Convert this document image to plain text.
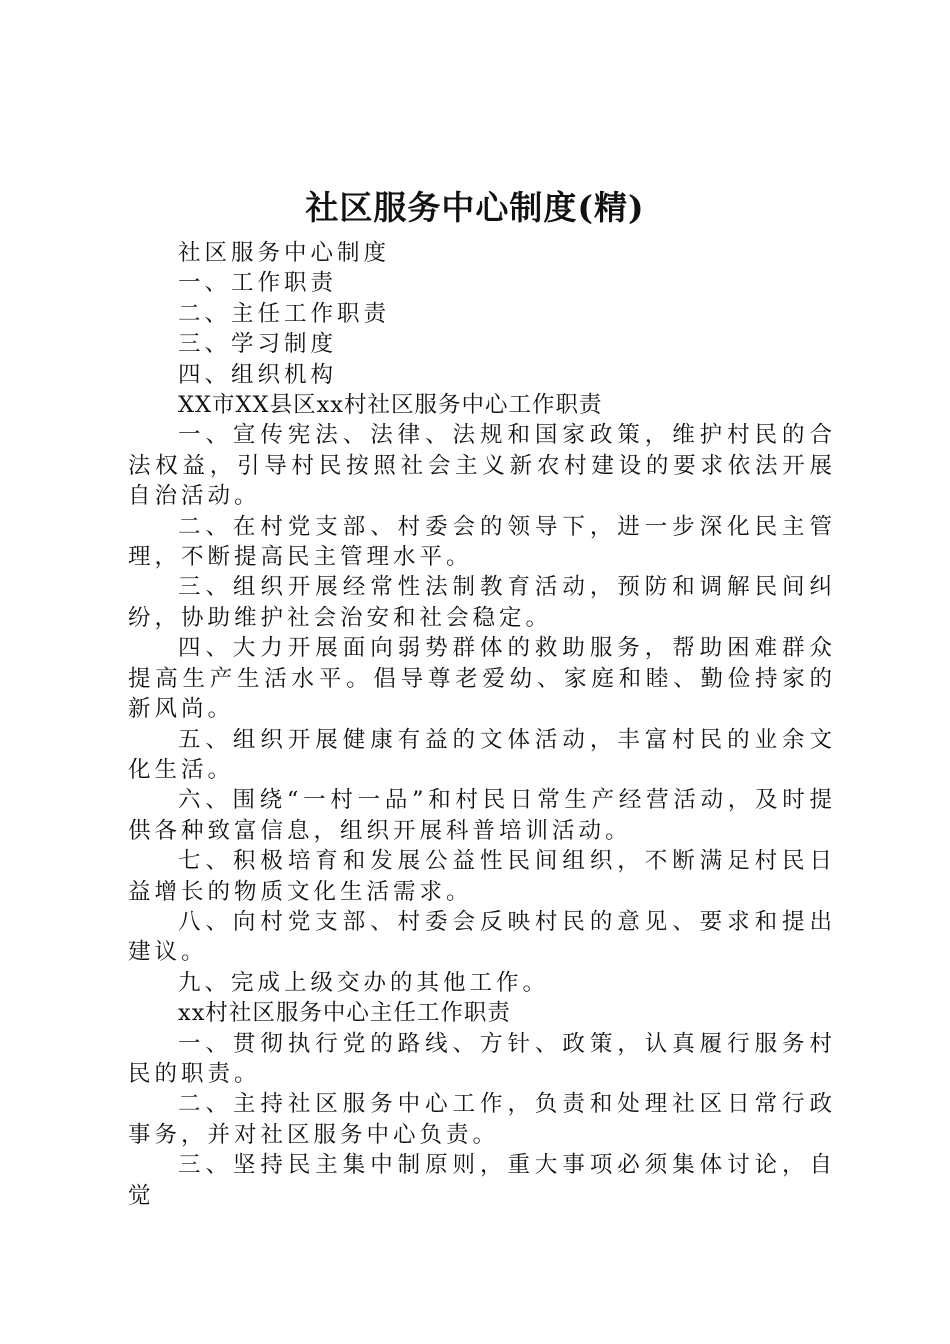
社区服务中心制度(精)

社区服务中心制度

一、工作职责

二、主任工作职责

三、学习制度

四、组织机构

XX市XX县区xx村社区服务中心工作职责

一、宣传宪法、法律、法规和国家政策，维护村民的合法权益，引导村民按照社会主义新农村建设的要求依法开展自治活动。

二、在村党支部、村委会的领导下，进一步深化民主管理，不断提高民主管理水平。

三、组织开展经常性法制教育活动，预防和调解民间纠纷，协助维护社会治安和社会稳定。

四、大力开展面向弱势群体的救助服务，帮助困难群众提高生产生活水平。倡导尊老爱幼、家庭和睦、勤俭持家的新风尚。

五、组织开展健康有益的文体活动，丰富村民的业余文化生活。

六、围绕“一村一品”和村民日常生产经营活动，及时提供各种致富信息，组织开展科普培训活动。

七、积极培育和发展公益性民间组织，不断满足村民日益增长的物质文化生活需求。

八、向村党支部、村委会反映村民的意见、要求和提出建议。

九、完成上级交办的其他工作。

xx村社区服务中心主任工作职责

一、贯彻执行党的路线、方针、政策，认真履行服务村民的职责。

二、主持社区服务中心工作，负责和处理社区日常行政事务，并对社区服务中心负责。

三、坚持民主集中制原则，重大事项必须集体讨论，自觉
